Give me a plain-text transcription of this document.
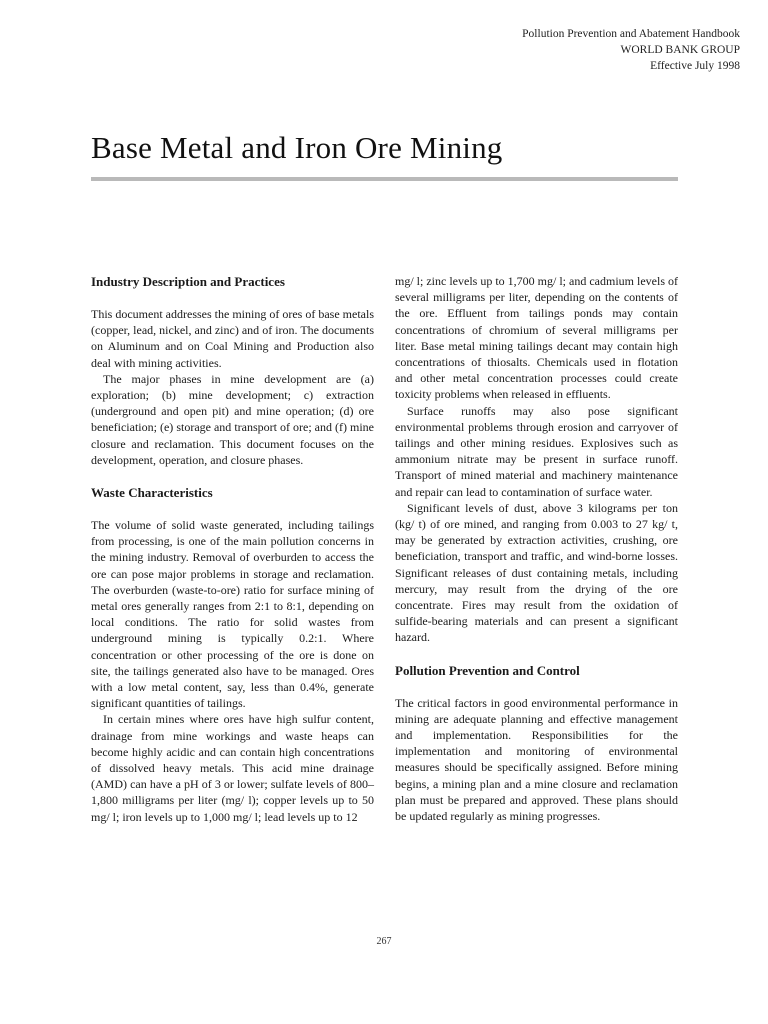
Pollution Prevention and Abatement Handbook
WORLD BANK GROUP
Effective July 1998
Base Metal and Iron Ore Mining
Industry Description and Practices

This document addresses the mining of ores of base metals (copper, lead, nickel, and zinc) and of iron. The documents on Aluminum and on Coal Mining and Production also deal with mining activities.

The major phases in mine development are (a) exploration; (b) mine development; c) extraction (underground and open pit) and mine operation; (d) ore beneficiation; (e) storage and transport of ore; and (f) mine closure and reclamation. This document focuses on the development, operation, and closure phases.

Waste Characteristics

The volume of solid waste generated, including tailings from processing, is one of the main pollution concerns in the mining industry. Removal of overburden to access the ore can pose major problems in storage and reclamation. The overburden (waste-to-ore) ratio for surface mining of metal ores generally ranges from 2:1 to 8:1, depending on local conditions. The ratio for solid wastes from underground mining is typically 0.2:1. Where concentration or other processing of the ore is done on site, the tailings generated also have to be managed. Ores with a low metal content, say, less than 0.4%, generate significant quantities of tailings.

In certain mines where ores have high sulfur content, drainage from mine workings and waste heaps can become highly acidic and can contain high concentrations of dissolved heavy metals. This acid mine drainage (AMD) can have a pH of 3 or lower; sulfate levels of 800–1,800 milligrams per liter (mg/ l); copper levels up to 50 mg/ l; iron levels up to 1,000 mg/ l; lead levels up to 12

mg/ l; zinc levels up to 1,700 mg/ l; and cadmium levels of several milligrams per liter, depending on the contents of the ore. Effluent from tailings ponds may contain concentrations of chromium of several milligrams per liter. Base metal mining tailings decant may contain high concentrations of thiosalts. Chemicals used in flotation and other metal concentration processes could create toxicity problems when released in effluents.

Surface runoffs may also pose significant environmental problems through erosion and carryover of tailings and other mining residues. Explosives such as ammonium nitrate may be present in surface runoff. Transport of mined material and machinery maintenance and repair can lead to contamination of surface water.

Significant levels of dust, above 3 kilograms per ton (kg/ t) of ore mined, and ranging from 0.003 to 27 kg/ t, may be generated by extraction activities, crushing, ore beneficiation, transport and traffic, and wind-borne losses. Significant releases of dust containing metals, including mercury, may result from the drying of the ore concentrate. Fires may result from the oxidation of sulfide-bearing materials and can present a significant hazard.

Pollution Prevention and Control

The critical factors in good environmental performance in mining are adequate planning and effective management and implementation. Responsibilities for the implementation and monitoring of environmental measures should be specifically assigned. Before mining begins, a mining plan and a mine closure and reclamation plan must be prepared and approved. These plans should be updated regularly as mining progresses.

267
